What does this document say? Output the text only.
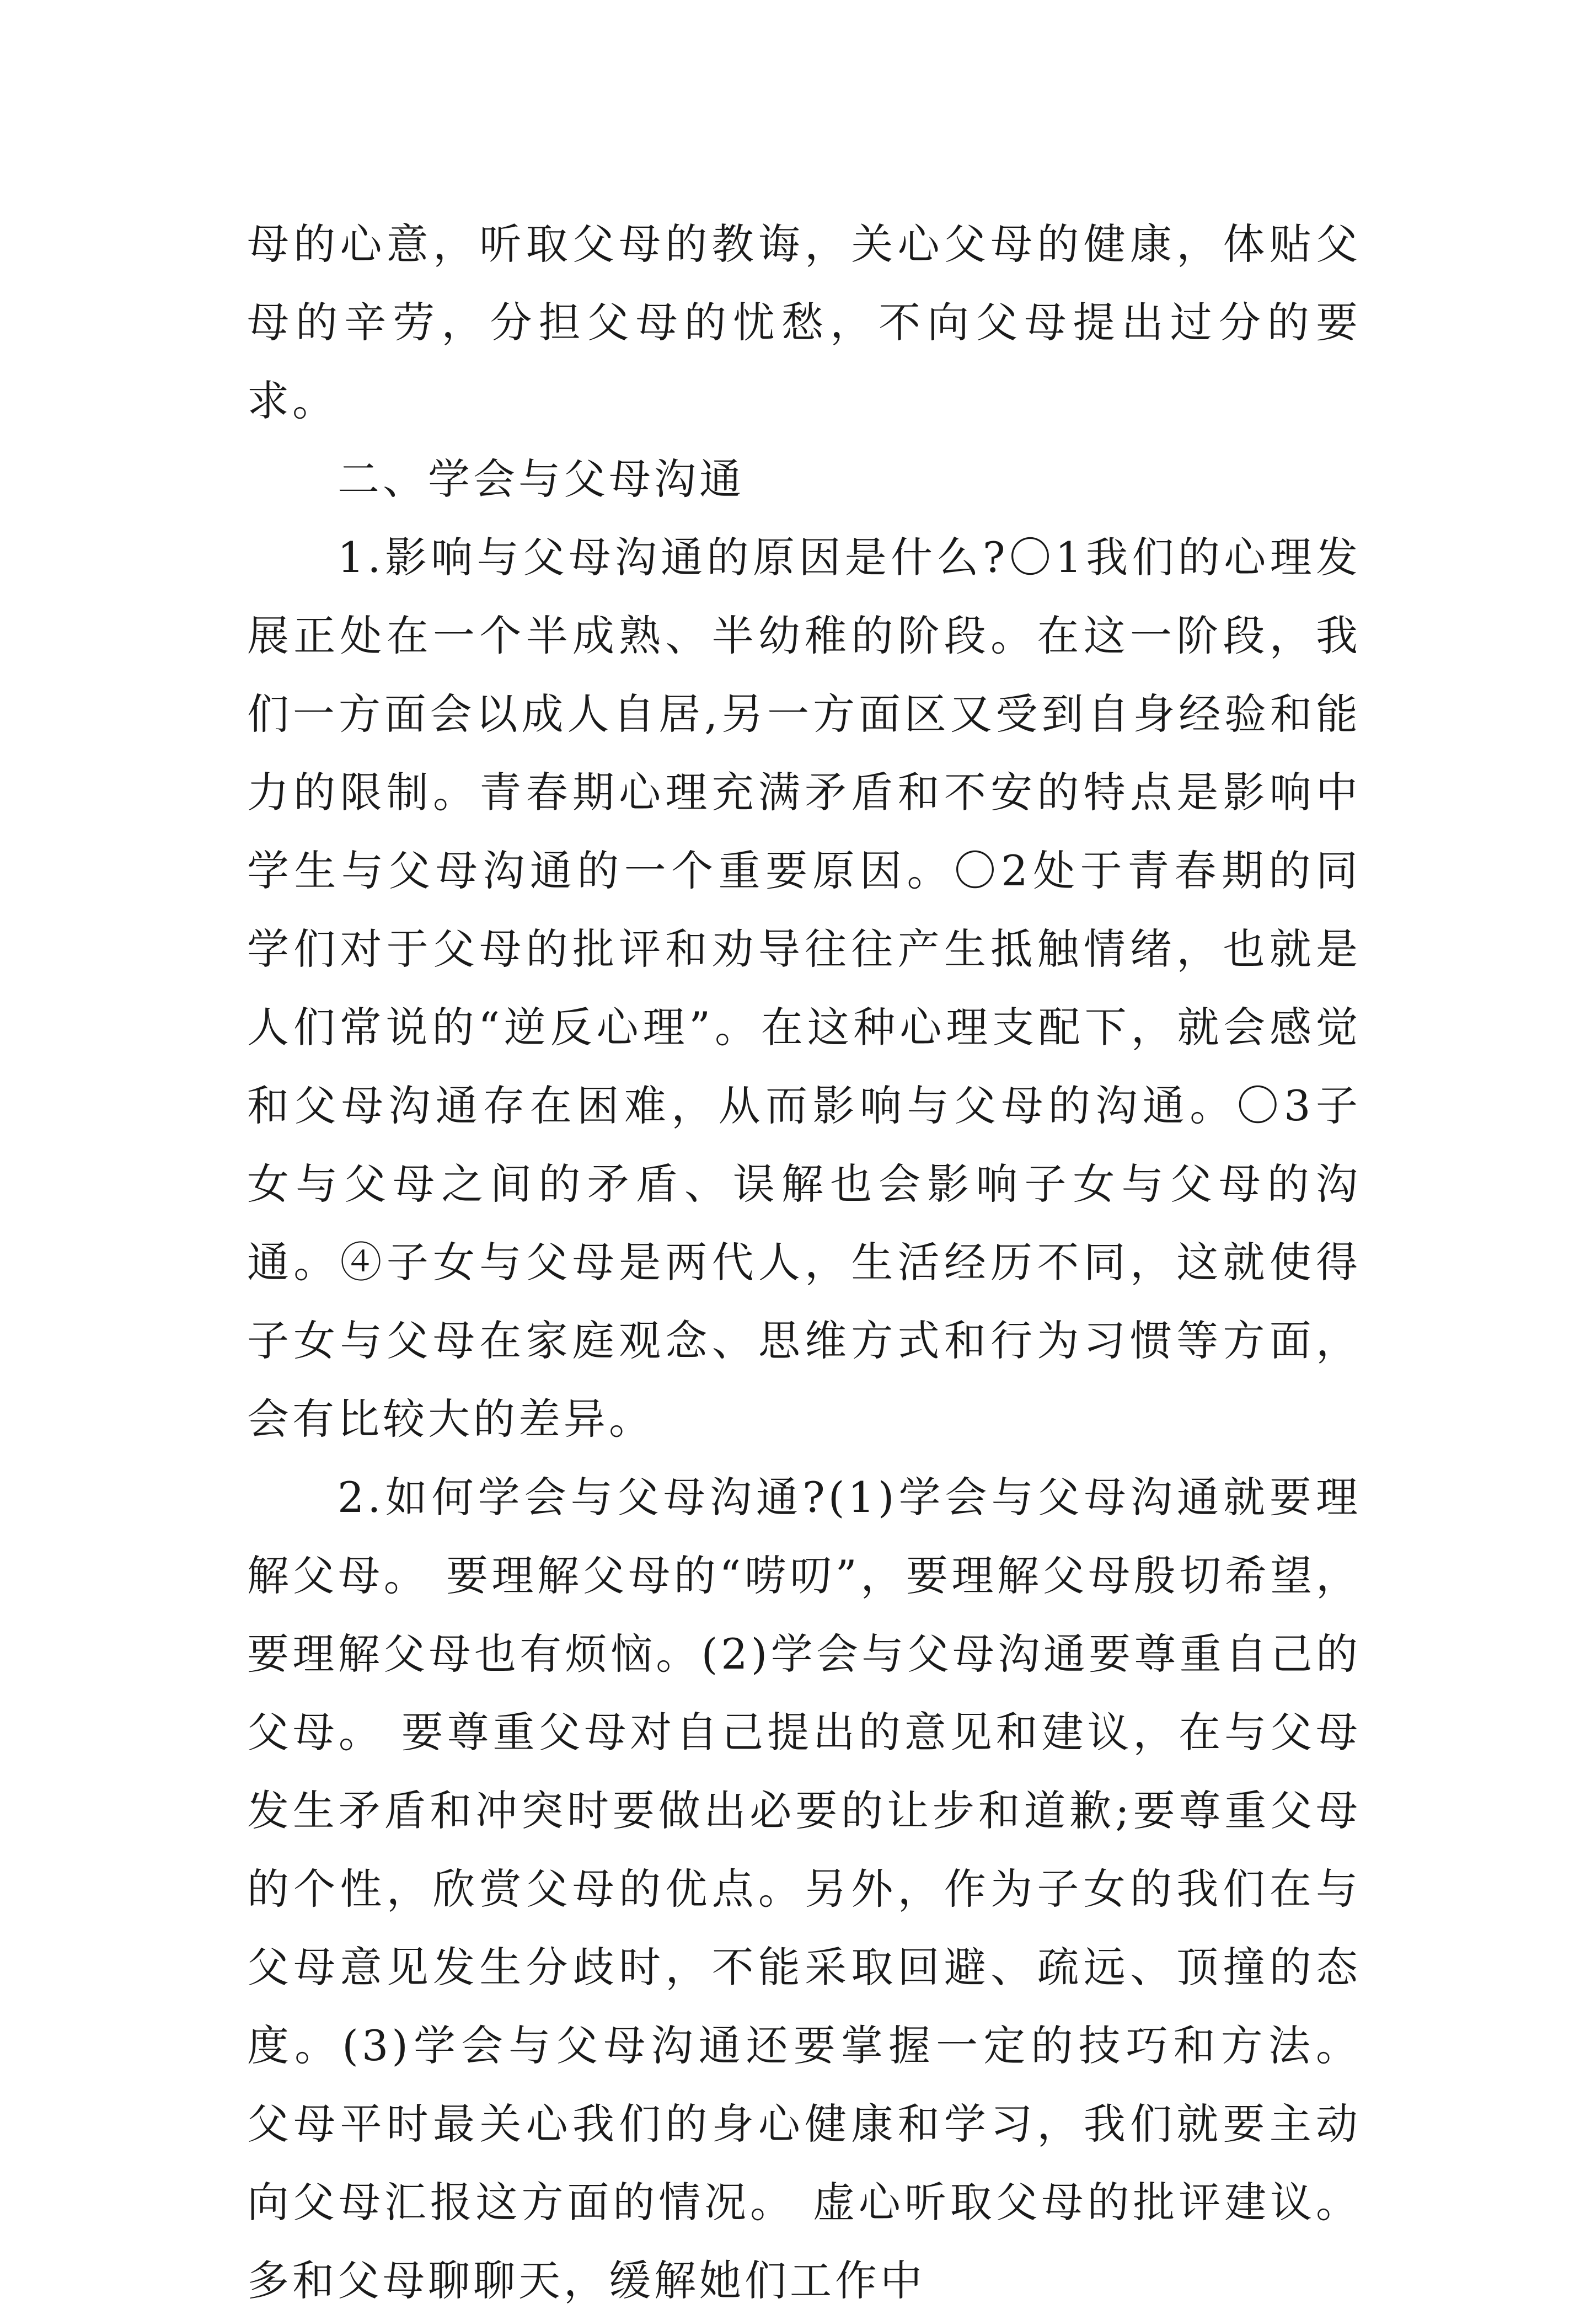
母的心意，听取父母的教诲，关心父母的健康，体贴父母的辛劳，分担父母的忧愁，不向父母提出过分的要求。

二、学会与父母沟通

1.影响与父母沟通的原因是什么?〇1我们的心理发展正处在一个半成熟、半幼稚的阶段。在这一阶段，我们一方面会以成人自居,另一方面区又受到自身经验和能力的限制。青春期心理充满矛盾和不安的特点是影响中学生与父母沟通的一个重要原因。〇2处于青春期的同学们对于父母的批评和劝导往往产生抵触情绪，也就是人们常说的“逆反心理”。在这种心理支配下，就会感觉和父母沟通存在困难，从而影响与父母的沟通。〇3子女与父母之间的矛盾、误解也会影响子女与父母的沟通。④子女与父母是两代人，生活经历不同，这就使得子女与父母在家庭观念、思维方式和行为习惯等方面，会有比较大的差异。

2.如何学会与父母沟通?(1)学会与父母沟通就要理解父母。 要理解父母的“唠叨”，要理解父母殷切希望，要理解父母也有烦恼。(2)学会与父母沟通要尊重自己的父母。 要尊重父母对自己提出的意见和建议，在与父母发生矛盾和冲突时要做出必要的让步和道歉;要尊重父母的个性，欣赏父母的优点。另外，作为子女的我们在与父母意见发生分歧时，不能采取回避、疏远、顶撞的态度。(3)学会与父母沟通还要掌握一定的技巧和方法。 父母平时最关心我们的身心健康和学习，我们就要主动向父母汇报这方面的情况。 虚心听取父母的批评建议。 多和父母聊聊天，缓解她们工作中
